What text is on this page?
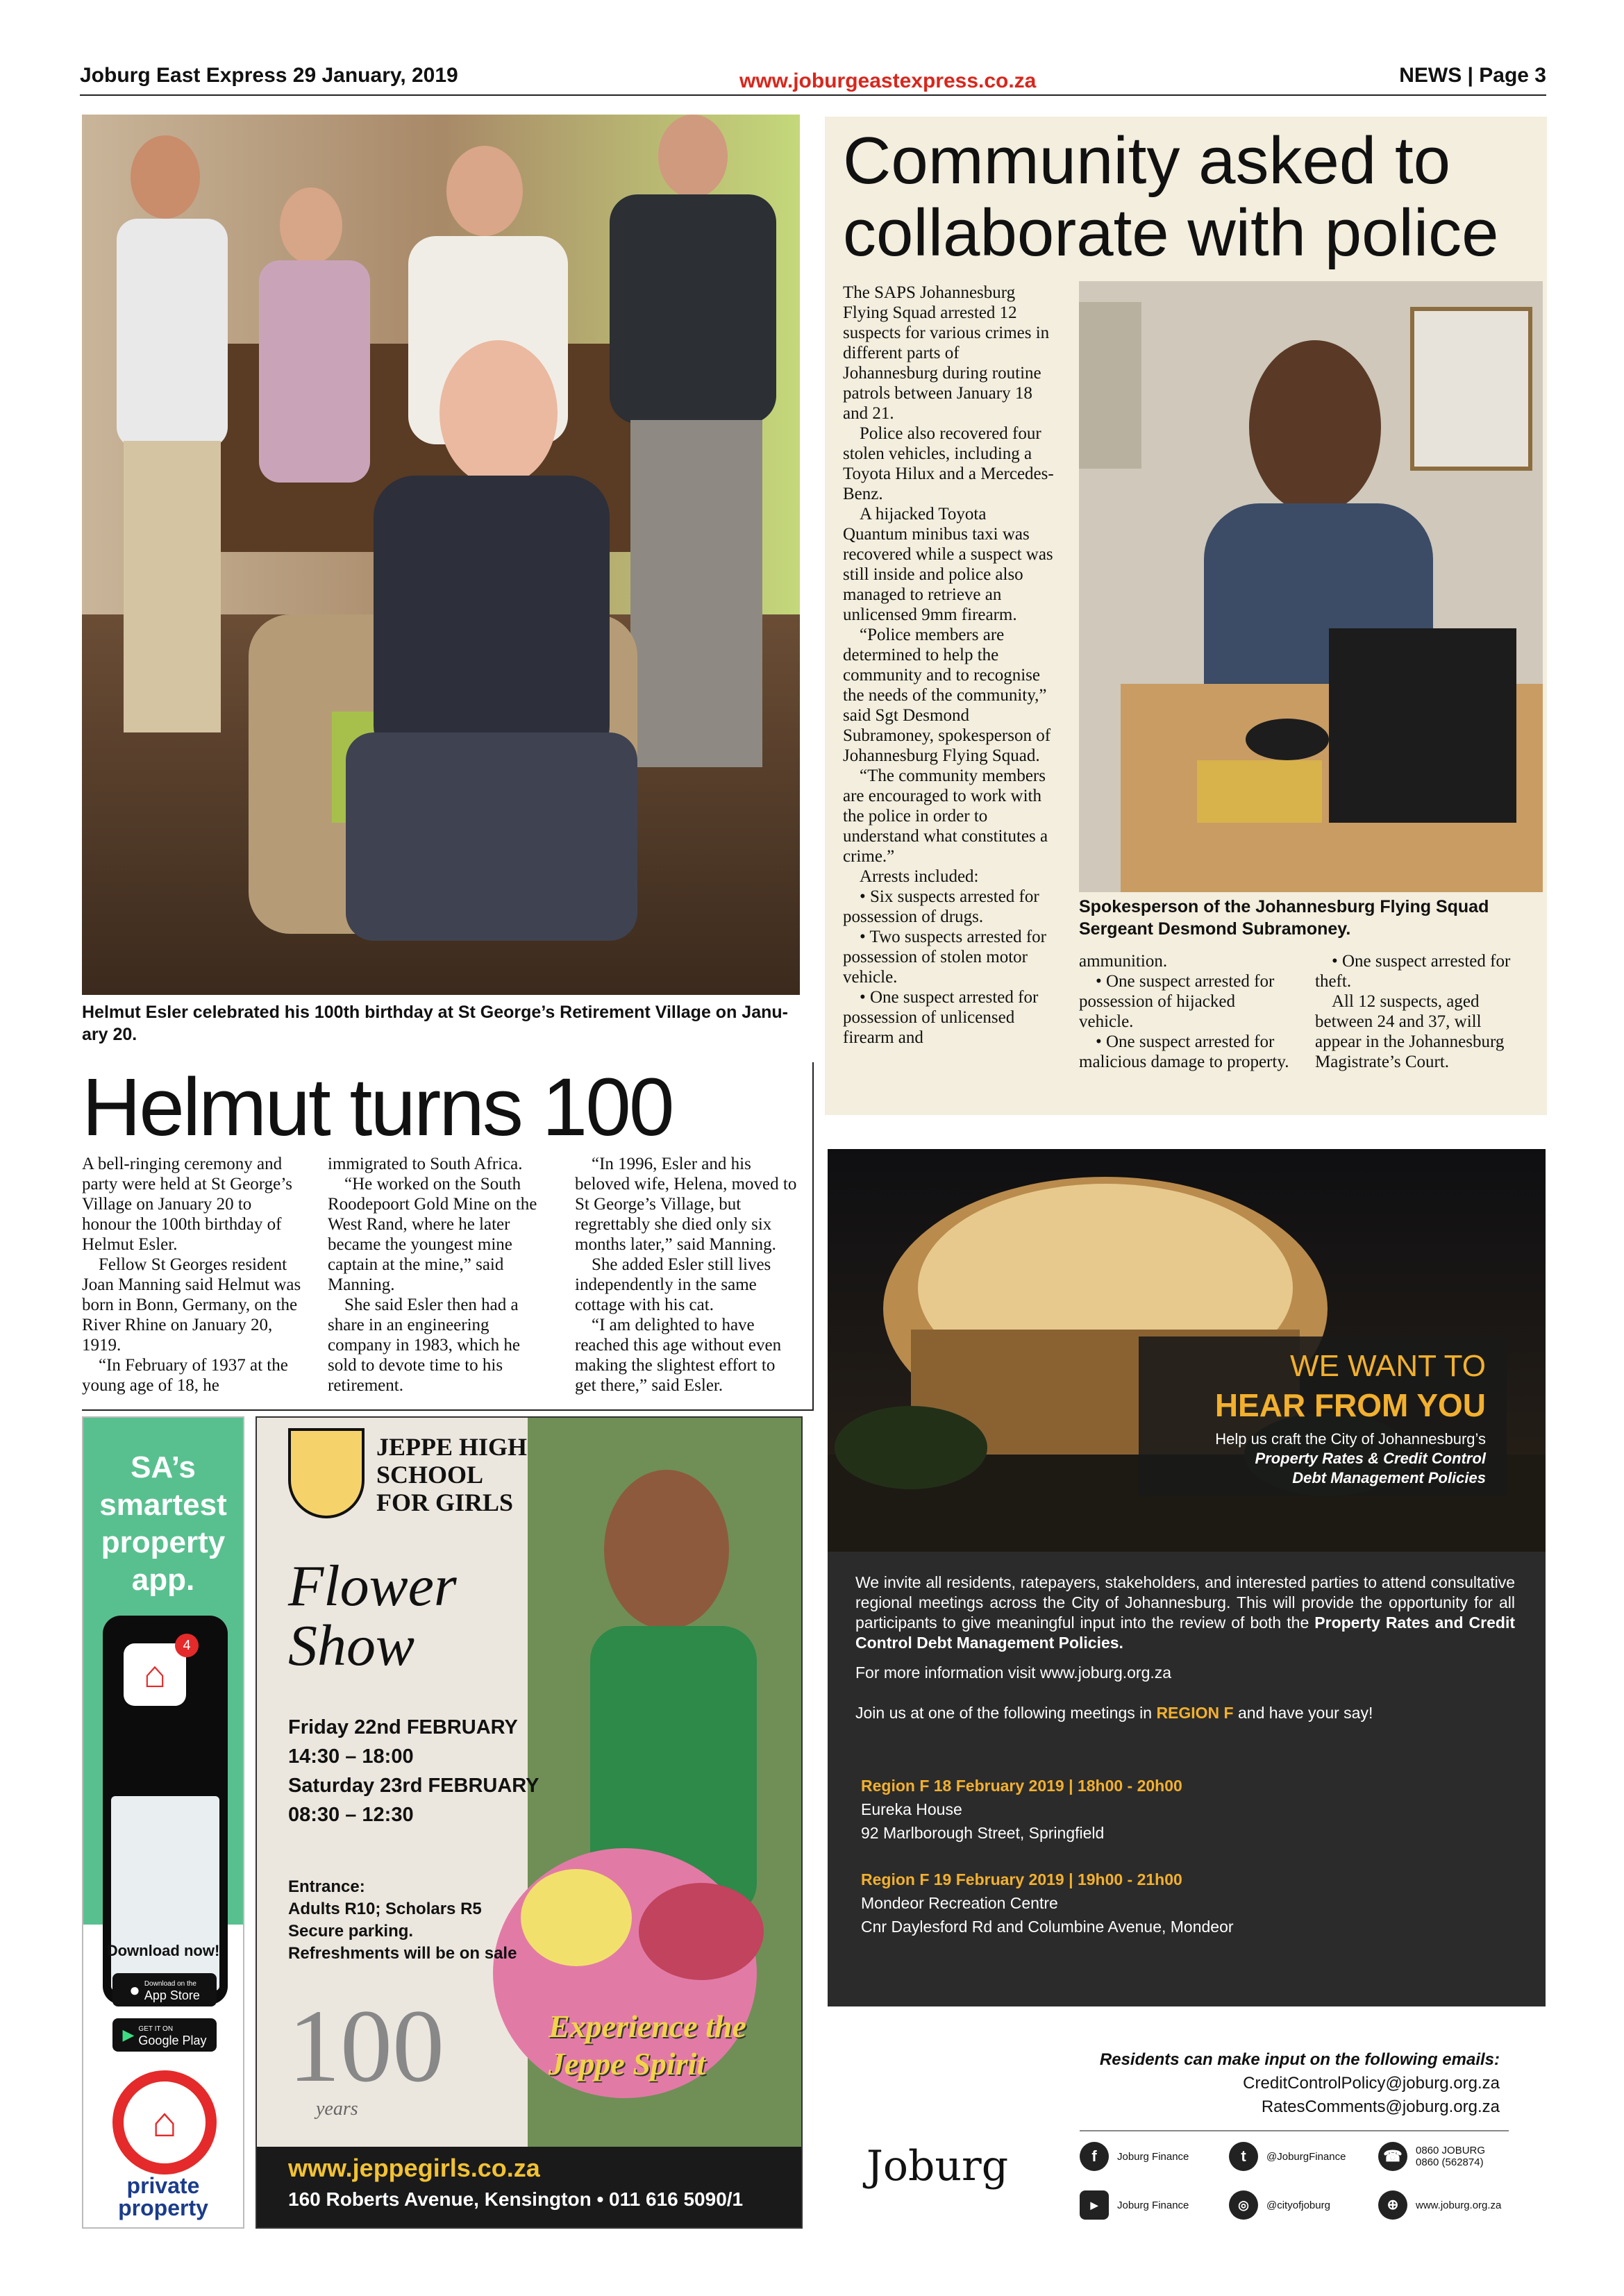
Joburg East Express 29 January, 2019	www.joburgeastexpress.co.za	NEWS | Page 3
Helmut Esler celebrated his 100th birthday at St George’s Retirement Village on Janu-ary 20.
Helmut turns 100

A bell-ringing ceremony and party were held at St George’s Village on January 20 to honour the 100th birthday of Helmut Esler.

Fellow St Georges resident Joan Manning said Helmut was born in Bonn, Germany, on the River Rhine on January 20, 1919.

“In February of 1937 at the young age of 18, he

immigrated to South Africa.

“He worked on the South Roodepoort Gold Mine on the West Rand, where he later became the youngest mine captain at the mine,” said Manning.

She said Esler then had a share in an engineering company in 1983, which he sold to devote time to his retirement.

“In 1996, Esler and his beloved wife, Helena, moved to St George’s Village, but regrettably she died only six months later,” said Manning.

She added Esler still lives independently in the same cottage with his cat.

“I am delighted to have reached this age without even making the slightest effort to get there,” said Esler.

Community asked to collaborate with police

The SAPS Johannesburg Flying Squad arrested 12 suspects for various crimes in different parts of Johannesburg during routine patrols between January 18 and 21.

Police also recovered four stolen vehicles, including a Toyota Hilux and a Mercedes-Benz.

A hijacked Toyota Quantum minibus taxi was recovered while a suspect was still inside and police also managed to retrieve an unlicensed 9mm firearm.

“Police members are determined to help the community and to recognise the needs of the community,” said Sgt Desmond Subramoney, spokesperson of Johannesburg Flying Squad.

“The community members are encouraged to work with the police in order to understand what constitutes a crime.”

Arrests included:

• Six suspects arrested for possession of drugs.

• Two suspects arrested for possession of stolen motor vehicle.

• One suspect arrested for possession of unlicensed firearm and

Spokesperson of the Johannesburg Flying Squad Sergeant Desmond Subramoney.

ammunition.

• One suspect arrested for possession of hijacked vehicle.

• One suspect arrested for malicious damage to property.

• One suspect arrested for theft.

All 12 suspects, aged between 24 and 37, will appear in the Johannesburg Magistrate’s Court.

SA’s smartest property app.
⌂
4
Download now!
● Download on the
App Store
▶ GET IT ON
Google Play
⌂
private
property
JEPPE HIGH
SCHOOL
FOR GIRLS
Flower
Show
Friday 22nd FEBRUARY
14:30 – 18:00
Saturday 23rd FEBRUARY
08:30 – 12:30
Entrance:
Adults R10; Scholars R5
Secure parking.
Refreshments will be on sale
100
years
Experience the
Jeppe Spirit
www.jeppegirls.co.za
160 Roberts Avenue, Kensington • 011 616 5090/1
WE WANT TO
HEAR FROM YOU
Help us craft the City of Johannesburg’s
Property Rates & Credit Control
Debt Management Policies
We invite all residents, ratepayers, stakeholders, and interested parties to attend consultative regional meetings across the City of Johannesburg. This will provide the opportunity for all participants to give meaningful input into the review of both the Property Rates and Credit Control Debt Management Policies.
For more information visit www.joburg.org.za
Join us at one of the following meetings in REGION F and have your say!
Region F 18 February 2019 | 18h00 - 20h00
Eureka House
92 Marlborough Street, Springfield
Region F 19 February 2019 | 19h00 - 21h00
Mondeor Recreation Centre
Cnr Daylesford Rd and Columbine Avenue, Mondeor
Residents can make input on the following emails:
CreditControlPolicy@joburg.org.za
RatesComments@joburg.org.za
Joburg	f	Joburg Finance	t	@JoburgFinance	☎	0860 JOBURG
0860 (562874)
▶	Joburg Finance	◎	@cityofjoburg	⊕	www.joburg.org.za
